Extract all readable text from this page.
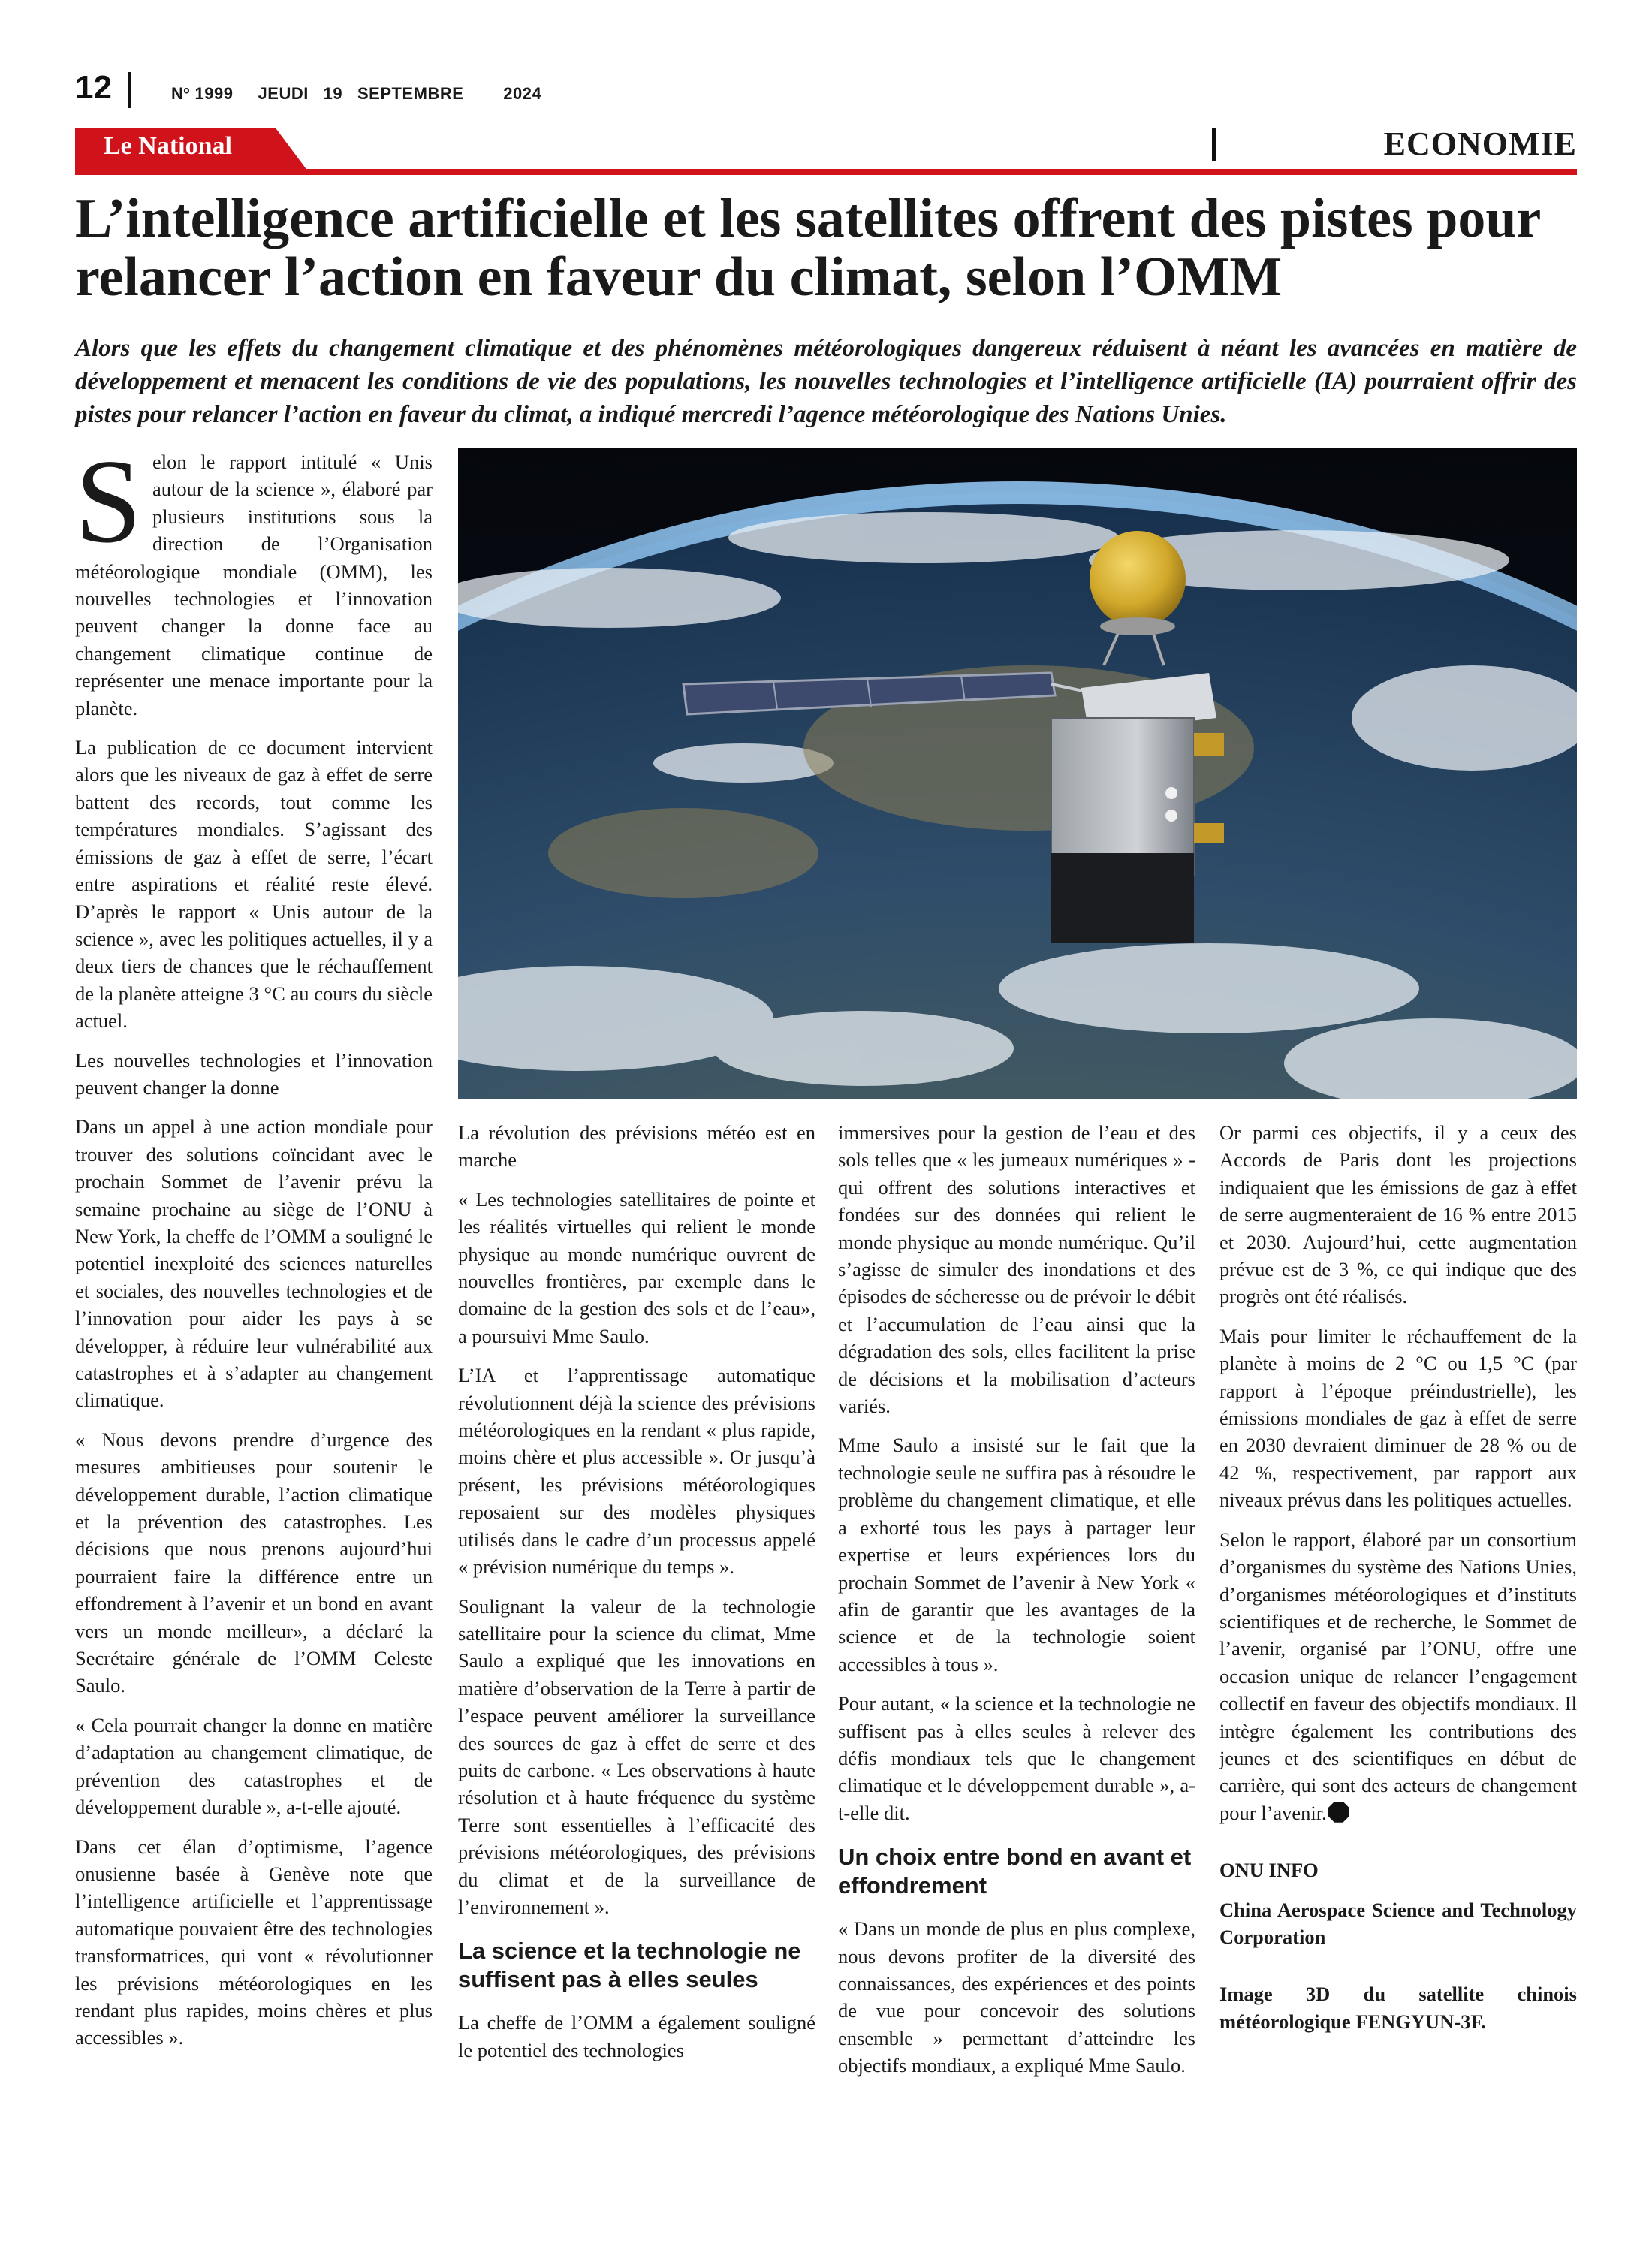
12	Nº 1999     JEUDI   19   SEPTEMBRE        2024
Le National	ECONOMIE
L’intelligence artificielle et les satellites offrent des pistes pour relancer l’action en faveur du climat, selon l’OMM

Alors que les effets du changement climatique et des phénomènes météorologiques dangereux réduisent à néant les avancées en matière de développement et menacent les conditions de vie des populations, les nouvelles technologies et l’intelligence artificielle (IA) pourraient offrir des pistes pour relancer l’action en faveur du climat, a indiqué mercredi l’agence météorologique des Nations Unies.

Selon le rapport intitulé « Unis autour de la science », élaboré par plusieurs institutions sous la direction de l’Organisation météorologique mondiale (OMM), les nouvelles technologies et l’innovation peuvent changer la donne face au changement climatique continue de représenter une menace importante pour la planète.

La publication de ce document intervient alors que les niveaux de gaz à effet de serre battent des records, tout comme les températures mondiales. S’agissant des émissions de gaz à effet de serre, l’écart entre aspirations et réalité reste élevé. D’après le rapport « Unis autour de la science », avec les politiques actuelles, il y a deux tiers de chances que le réchauffement de la planète atteigne 3 °C au cours du siècle actuel.

Les nouvelles technologies et l’innovation peuvent changer la donne

Dans un appel à une action mondiale pour trouver des solutions coïncidant avec le prochain Sommet de l’avenir prévu la semaine prochaine au siège de l’ONU à New York, la cheffe de l’OMM a souligné le potentiel inexploité des sciences naturelles et sociales, des nouvelles technologies et de l’innovation pour aider les pays à se développer, à réduire leur vulnérabilité aux catastrophes et à s’adapter au changement climatique.

« Nous devons prendre d’urgence des mesures ambitieuses pour soutenir le développement durable, l’action climatique et la prévention des catastrophes. Les décisions que nous prenons aujourd’hui pourraient faire la différence entre un effondrement à l’avenir et un bond en avant vers un monde meilleur», a déclaré la Secrétaire générale de l’OMM Celeste Saulo.

« Cela pourrait changer la donne en matière d’adaptation au changement climatique, de prévention des catastrophes et de développement durable », a-t-elle ajouté.

Dans cet élan d’optimisme, l’agence onusienne basée à Genève note que l’intelligence artificielle et l’apprentissage automatique pouvaient être des technologies transformatrices, qui vont « révolutionner les prévisions météorologiques en les rendant plus rapides, moins chères et plus accessibles ».

La révolution des prévisions météo est en marche

« Les technologies satellitaires de pointe et les réalités virtuelles qui relient le monde physique au monde numérique ouvrent de nouvelles frontières, par exemple dans le domaine de la gestion des sols et de l’eau», a poursuivi Mme Saulo.

L’IA et l’apprentissage automatique révolutionnent déjà la science des prévisions météorologiques en la rendant « plus rapide, moins chère et plus accessible ». Or jusqu’à présent, les prévisions météorologiques reposaient sur des modèles physiques utilisés dans le cadre d’un processus appelé « prévision numérique du temps ».

Soulignant la valeur de la technologie satellitaire pour la science du climat, Mme Saulo a expliqué que les innovations en matière d’observation de la Terre à partir de l’espace peuvent améliorer la surveillance des sources de gaz à effet de serre et des puits de carbone. « Les observations à haute résolution et à haute fréquence du système Terre sont essentielles à l’efficacité des prévisions météorologiques, des prévisions du climat et de la surveillance de l’environnement ».

La science et la technologie ne suffisent pas à elles seules

La cheffe de l’OMM a également souligné le potentiel des technologies

immersives pour la gestion de l’eau et des sols telles que « les jumeaux numériques » - qui offrent des solutions interactives et fondées sur des données qui relient le monde physique au monde numérique. Qu’il s’agisse de simuler des inondations et des épisodes de sécheresse ou de prévoir le débit et l’accumulation de l’eau ainsi que la dégradation des sols, elles facilitent la prise de décisions et la mobilisation d’acteurs variés.

Mme Saulo a insisté sur le fait que la technologie seule ne suffira pas à résoudre le problème du changement climatique, et elle a exhorté tous les pays à partager leur expertise et leurs expériences lors du prochain Sommet de l’avenir à New York « afin de garantir que les avantages de la science et de la technologie soient accessibles à tous ».

Pour autant, « la science et la technologie ne suffisent pas à elles seules à relever des défis mondiaux tels que le changement climatique et le développement durable », a-t-elle dit.

Un choix entre bond en avant et effondrement

« Dans un monde de plus en plus complexe, nous devons profiter de la diversité des connaissances, des expériences et des points de vue pour concevoir des solutions ensemble » permettant d’atteindre les objectifs mondiaux, a expliqué Mme Saulo.

Or parmi ces objectifs, il y a ceux des Accords de Paris dont les projections indiquaient que les émissions de gaz à effet de serre augmenteraient de 16 % entre 2015 et 2030. Aujourd’hui, cette augmentation prévue est de 3 %, ce qui indique que des progrès ont été réalisés.

Mais pour limiter le réchauffement de la planète à moins de 2 °C ou 1,5 °C (par rapport à l’époque préindustrielle), les émissions mondiales de gaz à effet de serre en 2030 devraient diminuer de 28 % ou de 42 %, respectivement, par rapport aux niveaux prévus dans les politiques actuelles.

Selon le rapport, élaboré par un consortium d’organismes du système des Nations Unies, d’organismes météorologiques et d’instituts scientifiques et de recherche, le Sommet de l’avenir, organisé par l’ONU, offre une occasion unique de relancer l’engagement collectif en faveur des objectifs mondiaux. Il intègre également les contributions des jeunes et des scientifiques en début de carrière, qui sont des acteurs de changement pour l’avenir.

ONU INFO

China Aerospace Science and Technology Corporation

Image 3D du satellite chinois météorologique FENGYUN-3F.
